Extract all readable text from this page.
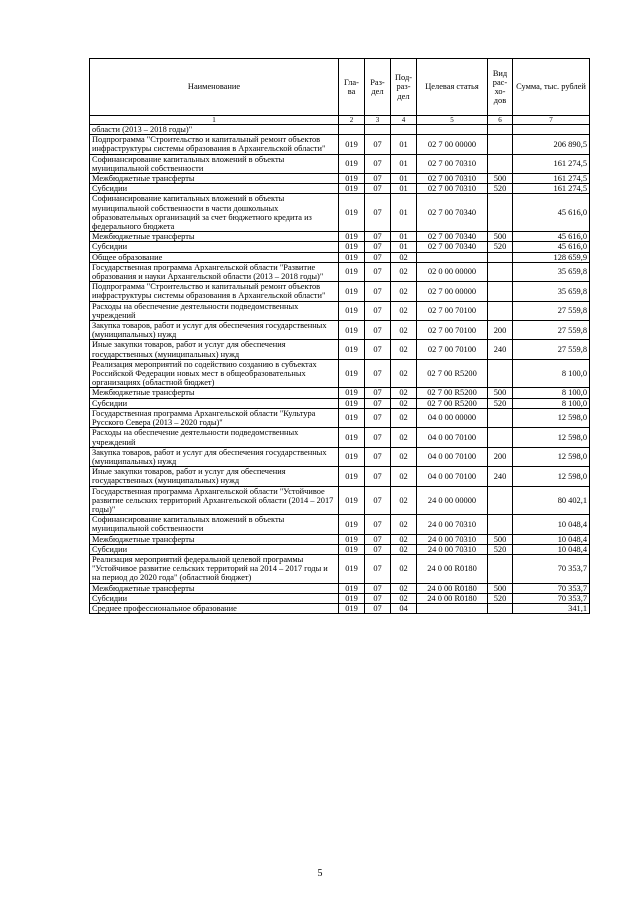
Наименование	Гла-ва	Раз-дел	Под-раз-дел	Целевая статья	Вид рас-хо-дов	Сумма, тыс. рублей
1	2	3	4	5	6	7
области (2013 – 2018 годы)"						
Подпрограмма "Строительство и капитальный ремонт объектов инфраструктуры системы образования в Архангельской области"	019	07	01	02 7 00 00000		206 890,5
Софинансирование капитальных вложений в объекты муниципальной собственности	019	07	01	02 7 00 70310		161 274,5
Межбюджетные трансферты	019	07	01	02 7 00 70310	500	161 274,5
Субсидии	019	07	01	02 7 00 70310	520	161 274,5
Софинансирование капитальных вложений в объекты муниципальной собственности в части дошкольных образовательных организаций за счет бюджетного кредита из федерального бюджета	019	07	01	02 7 00 70340		45 616,0
Межбюджетные трансферты	019	07	01	02 7 00 70340	500	45 616,0
Субсидии	019	07	01	02 7 00 70340	520	45 616,0
Общее образование	019	07	02			128 659,9
Государственная программа Архангельской области "Развитие образования и науки Архангельской области (2013 – 2018 годы)"	019	07	02	02 0 00 00000		35 659,8
Подпрограмма "Строительство и капитальный ремонт объектов инфраструктуры системы образования в Архангельской области"	019	07	02	02 7 00 00000		35 659,8
Расходы на обеспечение деятельности подведомственных учреждений	019	07	02	02 7 00 70100		27 559,8
Закупка товаров, работ и услуг для обеспечения государственных (муниципальных) нужд	019	07	02	02 7 00 70100	200	27 559,8
Иные закупки товаров, работ и услуг для обеспечения государственных (муниципальных) нужд	019	07	02	02 7 00 70100	240	27 559,8
Реализация мероприятий по содействию созданию в субъектах Российской Федерации новых мест в общеобразовательных организациях (областной бюджет)	019	07	02	02 7 00 R5200		8 100,0
Межбюджетные трансферты	019	07	02	02 7 00 R5200	500	8 100,0
Субсидии	019	07	02	02 7 00 R5200	520	8 100,0
Государственная программа Архангельской области "Культура Русского Севера (2013 – 2020 годы)"	019	07	02	04 0 00 00000		12 598,0
Расходы на обеспечение деятельности подведомственных учреждений	019	07	02	04 0 00 70100		12 598,0
Закупка товаров, работ и услуг для обеспечения государственных (муниципальных) нужд	019	07	02	04 0 00 70100	200	12 598,0
Иные закупки товаров, работ и услуг для обеспечения государственных (муниципальных) нужд	019	07	02	04 0 00 70100	240	12 598,0
Государственная программа Архангельской области "Устойчивое развитие сельских территорий Архангельской области (2014 – 2017 годы)"	019	07	02	24 0 00 00000		80 402,1
Софинансирование капитальных вложений в объекты муниципальной собственности	019	07	02	24 0 00 70310		10 048,4
Межбюджетные трансферты	019	07	02	24 0 00 70310	500	10 048,4
Субсидии	019	07	02	24 0 00 70310	520	10 048,4
Реализация мероприятий федеральной целевой программы "Устойчивое развитие сельских территорий на 2014 – 2017 годы и на период до 2020 года" (областной бюджет)	019	07	02	24 0 00 R0180		70 353,7
Межбюджетные трансферты	019	07	02	24 0 00 R0180	500	70 353,7
Субсидии	019	07	02	24 0 00 R0180	520	70 353,7
Среднее профессиональное образование	019	07	04			341,1
5
